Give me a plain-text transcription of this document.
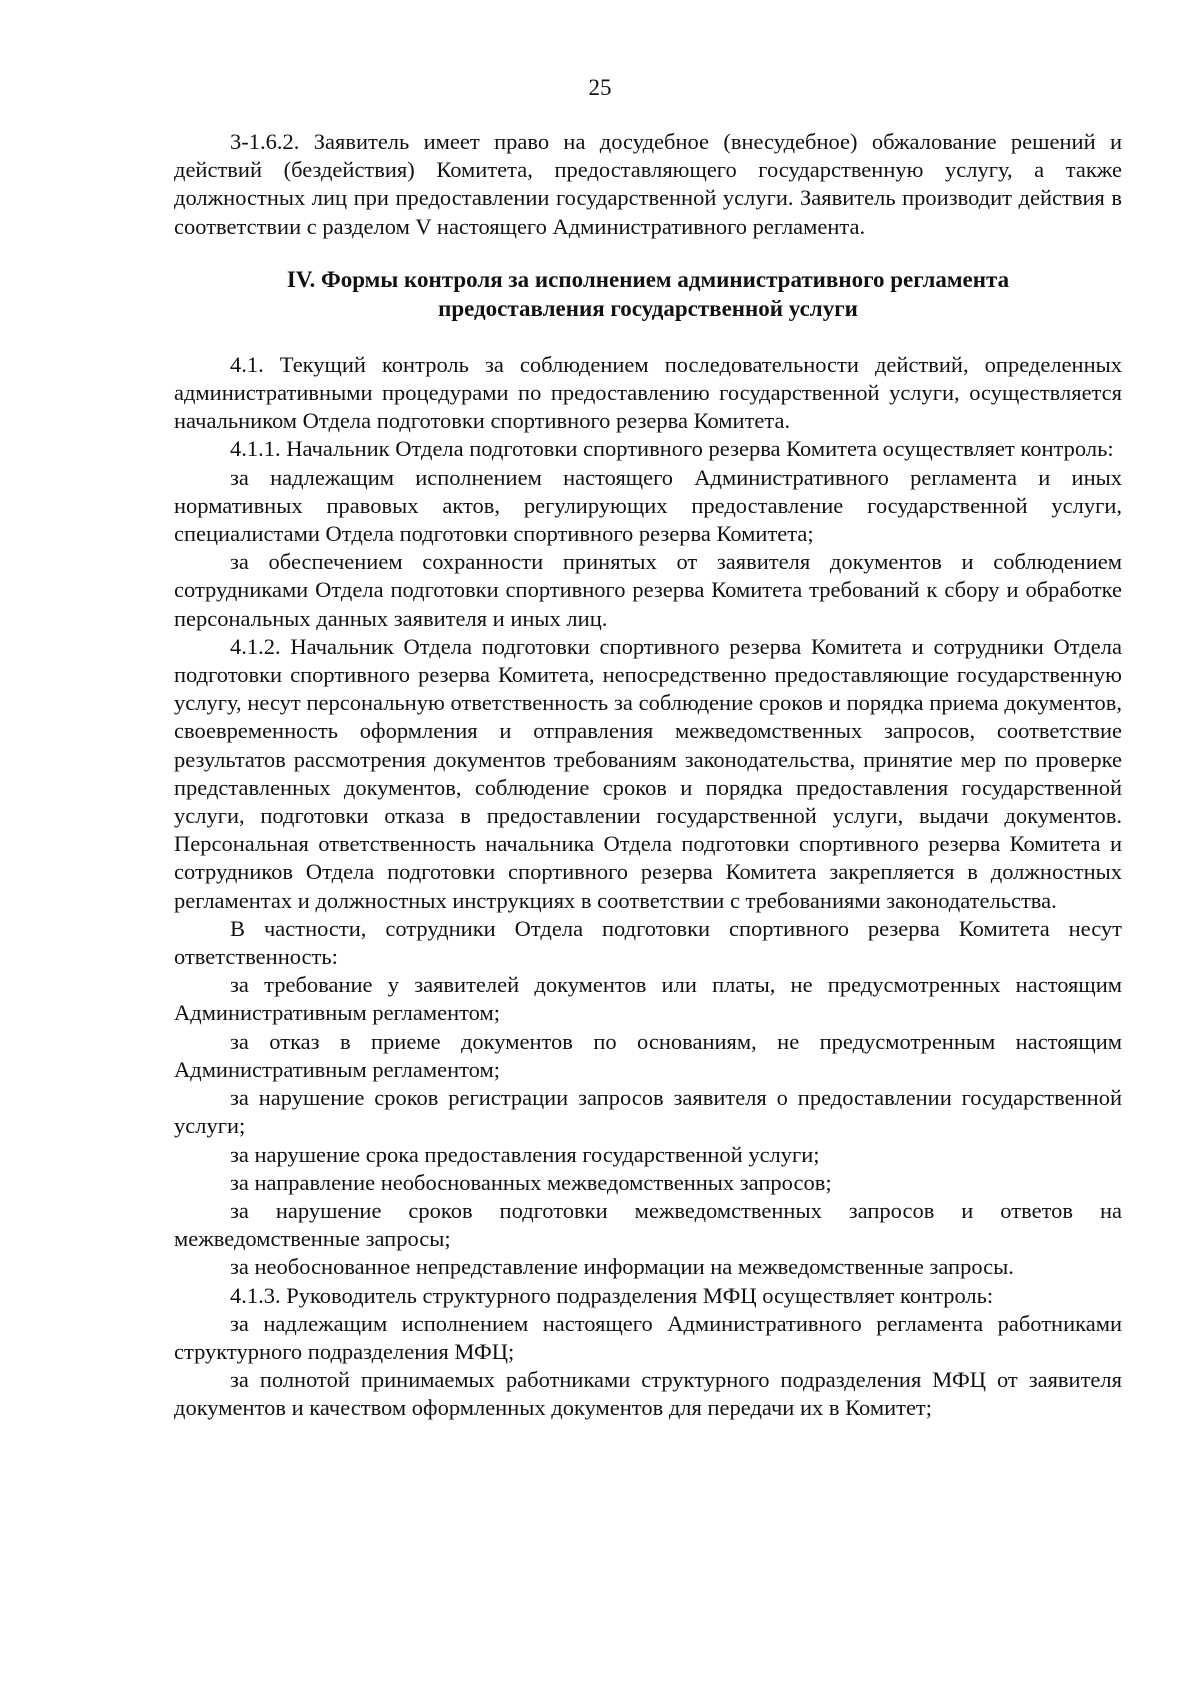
25

3-1.6.2. Заявитель имеет право на досудебное (внесудебное) обжалование решений и действий (бездействия) Комитета, предоставляющего государственную услугу, а также должностных лиц при предоставлении государственной услуги. Заявитель производит действия в соответствии с разделом V настоящего Административного регламента.

IV. Формы контроля за исполнением административного регламента
предоставления государственной услуги

4.1. Текущий контроль за соблюдением последовательности действий, определенных административными процедурами по предоставлению государственной услуги, осуществляется начальником Отдела подготовки спортивного резерва Комитета.

4.1.1. Начальник Отдела подготовки спортивного резерва Комитета осуществляет контроль:

за надлежащим исполнением настоящего Административного регламента и иных нормативных правовых актов, регулирующих предоставление государственной услуги, специалистами Отдела подготовки спортивного резерва Комитета;

за обеспечением сохранности принятых от заявителя документов и соблюдением сотрудниками Отдела подготовки спортивного резерва Комитета требований к сбору и обработке персональных данных заявителя и иных лиц.

4.1.2. Начальник Отдела подготовки спортивного резерва Комитета и сотрудники Отдела подготовки спортивного резерва Комитета, непосредственно предоставляющие государственную услугу, несут персональную ответственность за соблюдение сроков и порядка приема документов, своевременность оформления и отправления межведомственных запросов, соответствие результатов рассмотрения документов требованиям законодательства, принятие мер по проверке представленных документов, соблюдение сроков и порядка предоставления государственной услуги, подготовки отказа в предоставлении государственной услуги, выдачи документов. Персональная ответственность начальника Отдела подготовки спортивного резерва Комитета и сотрудников Отдела подготовки спортивного резерва Комитета закрепляется в должностных регламентах и должностных инструкциях в соответствии с требованиями законодательства.

В частности, сотрудники Отдела подготовки спортивного резерва Комитета несут ответственность:

за требование у заявителей документов или платы, не предусмотренных настоящим Административным регламентом;

за отказ в приеме документов по основаниям, не предусмотренным настоящим Административным регламентом;

за нарушение сроков регистрации запросов заявителя о предоставлении государственной услуги;

за нарушение срока предоставления государственной услуги;

за направление необоснованных межведомственных запросов;

за нарушение сроков подготовки межведомственных запросов и ответов на межведомственные запросы;

за необоснованное непредставление информации на межведомственные запросы.

4.1.3. Руководитель структурного подразделения МФЦ осуществляет контроль:

за надлежащим исполнением настоящего Административного регламента работниками структурного подразделения МФЦ;

за полнотой принимаемых работниками структурного подразделения МФЦ от заявителя документов и качеством оформленных документов для передачи их в Комитет;
